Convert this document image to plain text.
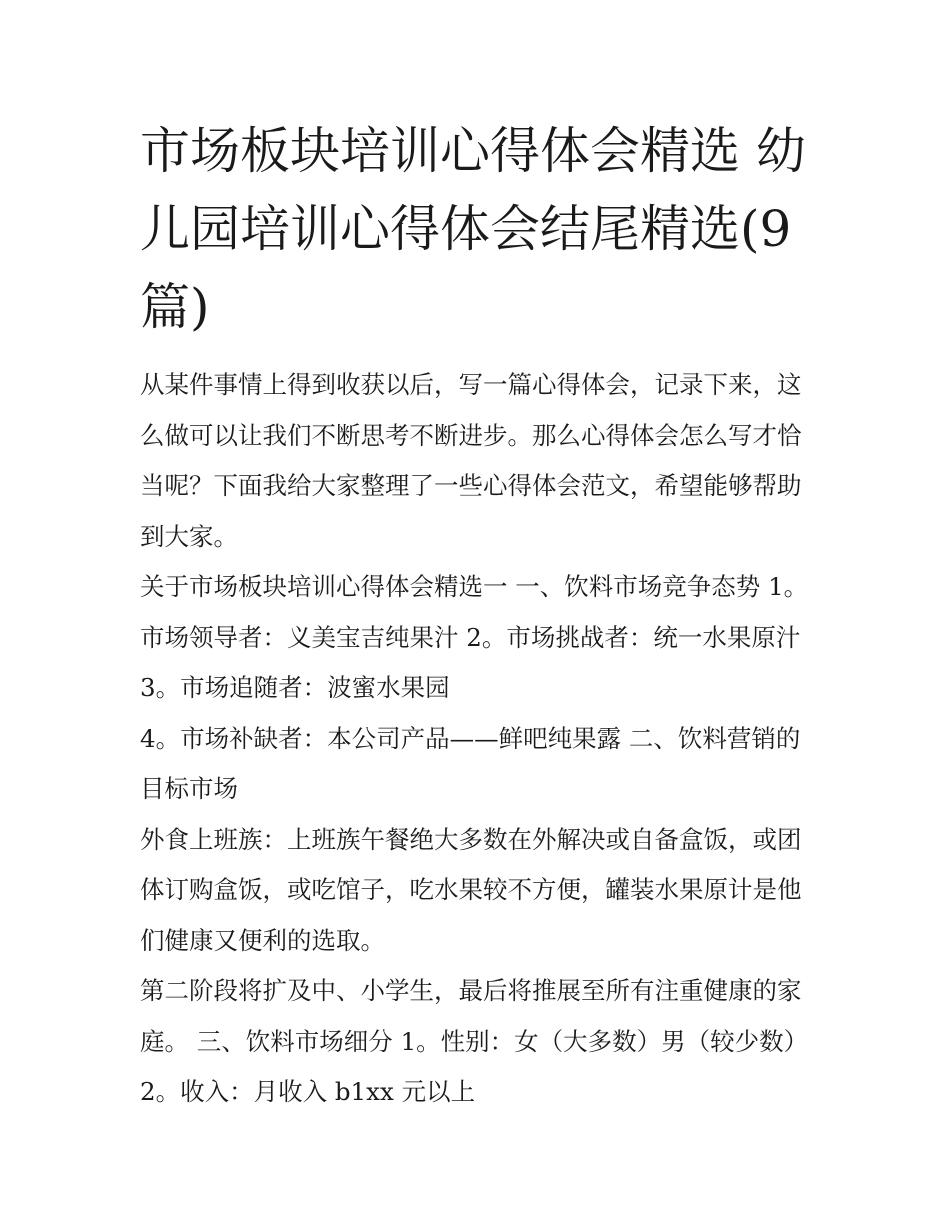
市场板块培训心得体会精选 幼
儿园培训心得体会结尾精选(9
篇)

从某件事情上得到收获以后，写一篇心得体会，记录下来，这
么做可以让我们不断思考不断进步。那么心得体会怎么写才恰
当呢？下面我给大家整理了一些心得体会范文，希望能够帮助
到大家。

关于市场板块培训心得体会精选一 一、饮料市场竞争态势 1。
市场领导者：义美宝吉纯果汁 2。市场挑战者：统一水果原汁
3。市场追随者：波蜜水果园

4。市场补缺者：本公司产品——鲜吧纯果露 二、饮料营销的
目标市场

外食上班族：上班族午餐绝大多数在外解决或自备盒饭，或团
体订购盒饭，或吃馆子，吃水果较不方便，罐装水果原计是他
们健康又便利的选取。

第二阶段将扩及中、小学生，最后将推展至所有注重健康的家
庭。 三、饮料市场细分 1。性别：女（大多数）男（较少数）
2。收入：月收入 b1xx 元以上
